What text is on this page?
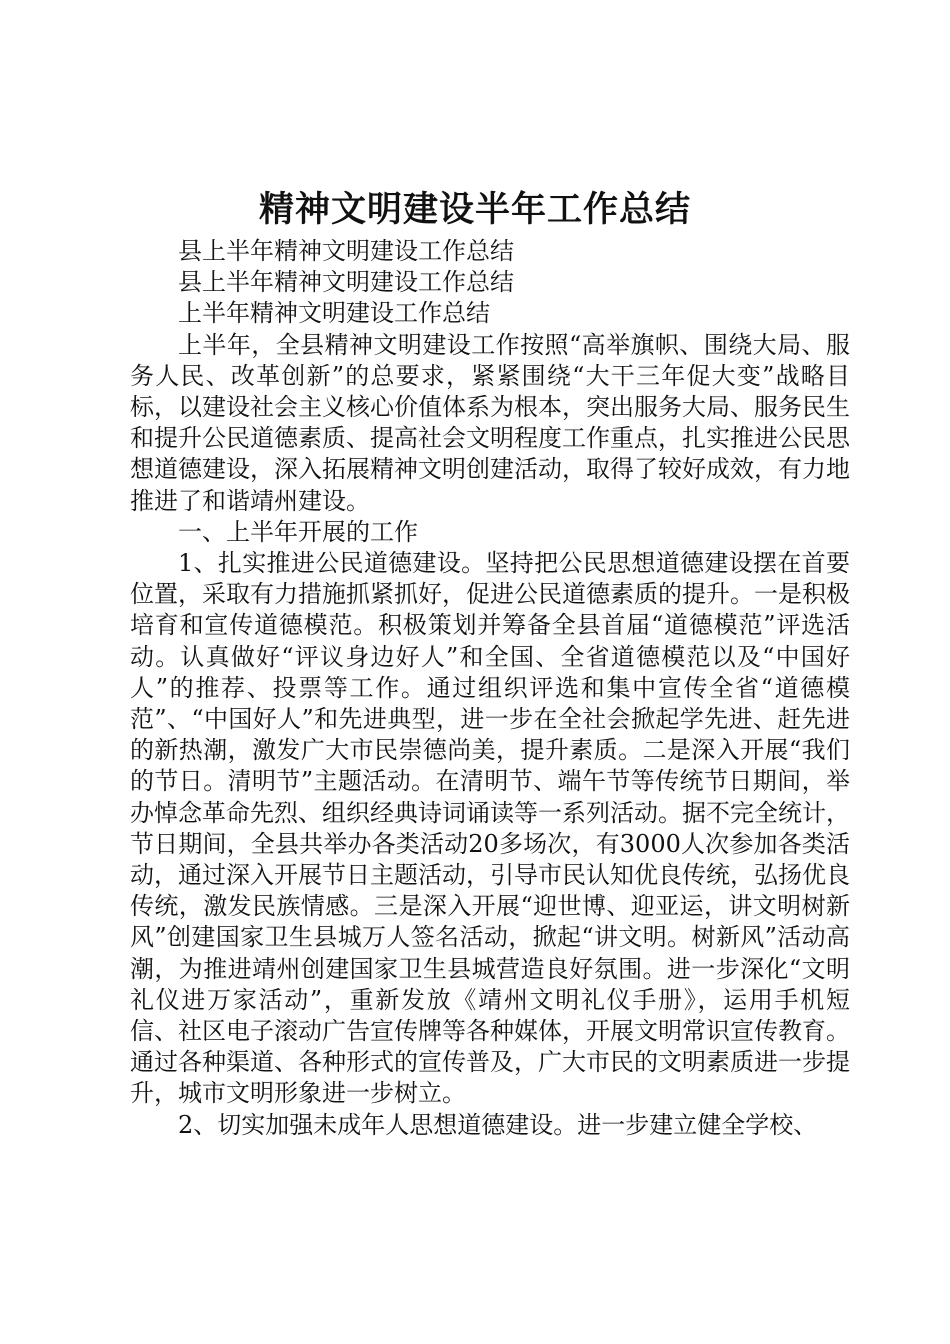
精神文明建设半年工作总结

县上半年精神文明建设工作总结

县上半年精神文明建设工作总结

上半年精神文明建设工作总结

上半年，全县精神文明建设工作按照“高举旗帜、围绕大局、服务人民、改革创新”的总要求，紧紧围绕“大干三年促大变”战略目标，以建设社会主义核心价值体系为根本，突出服务大局、服务民生和提升公民道德素质、提高社会文明程度工作重点，扎实推进公民思想道德建设，深入拓展精神文明创建活动，取得了较好成效，有力地推进了和谐靖州建设。

一、上半年开展的工作

1、扎实推进公民道德建设。坚持把公民思想道德建设摆在首要位置，采取有力措施抓紧抓好，促进公民道德素质的提升。一是积极培育和宣传道德模范。积极策划并筹备全县首届“道德模范”评选活动。认真做好“评议身边好人”和全国、全省道德模范以及“中国好人”的推荐、投票等工作。通过组织评选和集中宣传全省“道德模范”、“中国好人”和先进典型，进一步在全社会掀起学先进、赶先进的新热潮，激发广大市民崇德尚美，提升素质。二是深入开展“我们的节日。清明节”主题活动。在清明节、端午节等传统节日期间，举办悼念革命先烈、组织经典诗词诵读等一系列活动。据不完全统计，节日期间，全县共举办各类活动20多场次，有3000人次参加各类活动，通过深入开展节日主题活动，引导市民认知优良传统，弘扬优良传统，激发民族情感。三是深入开展“迎世博、迎亚运，讲文明树新风”创建国家卫生县城万人签名活动，掀起“讲文明。树新风”活动高潮，为推进靖州创建国家卫生县城营造良好氛围。进一步深化“文明礼仪进万家活动”，重新发放《靖州文明礼仪手册》，运用手机短信、社区电子滚动广告宣传牌等各种媒体，开展文明常识宣传教育。通过各种渠道、各种形式的宣传普及，广大市民的文明素质进一步提升，城市文明形象进一步树立。

2、切实加强未成年人思想道德建设。进一步建立健全学校、
